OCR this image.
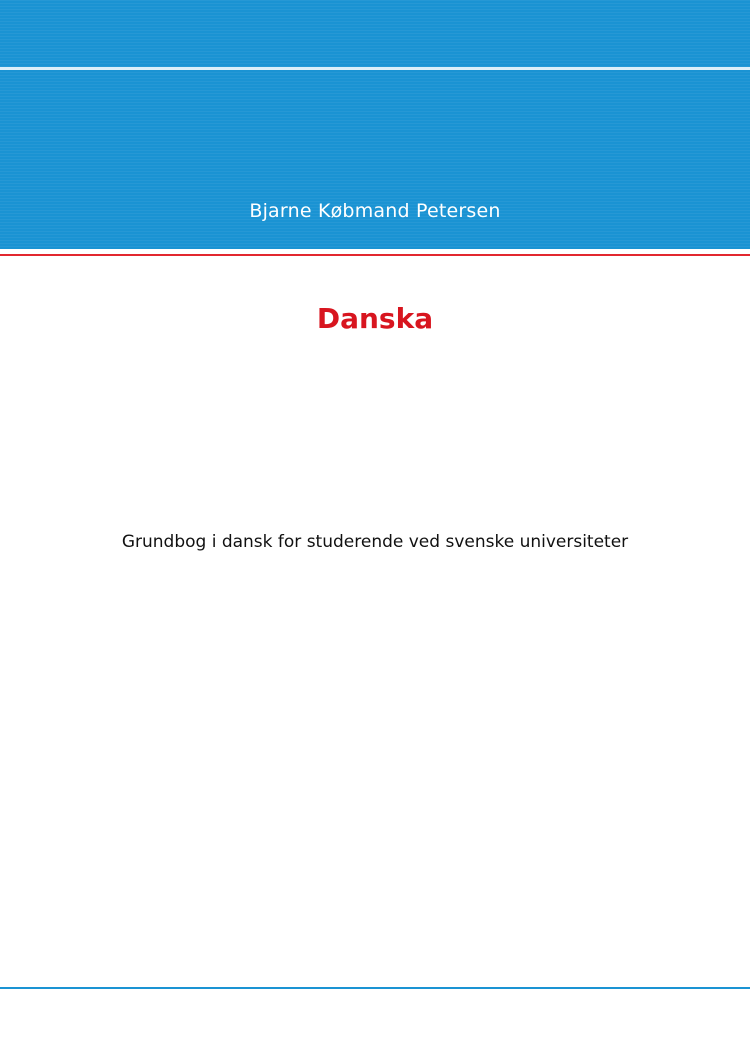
Bjarne Købmand Petersen
Danska
Grundbog i dansk for studerende ved svenske universiteter
